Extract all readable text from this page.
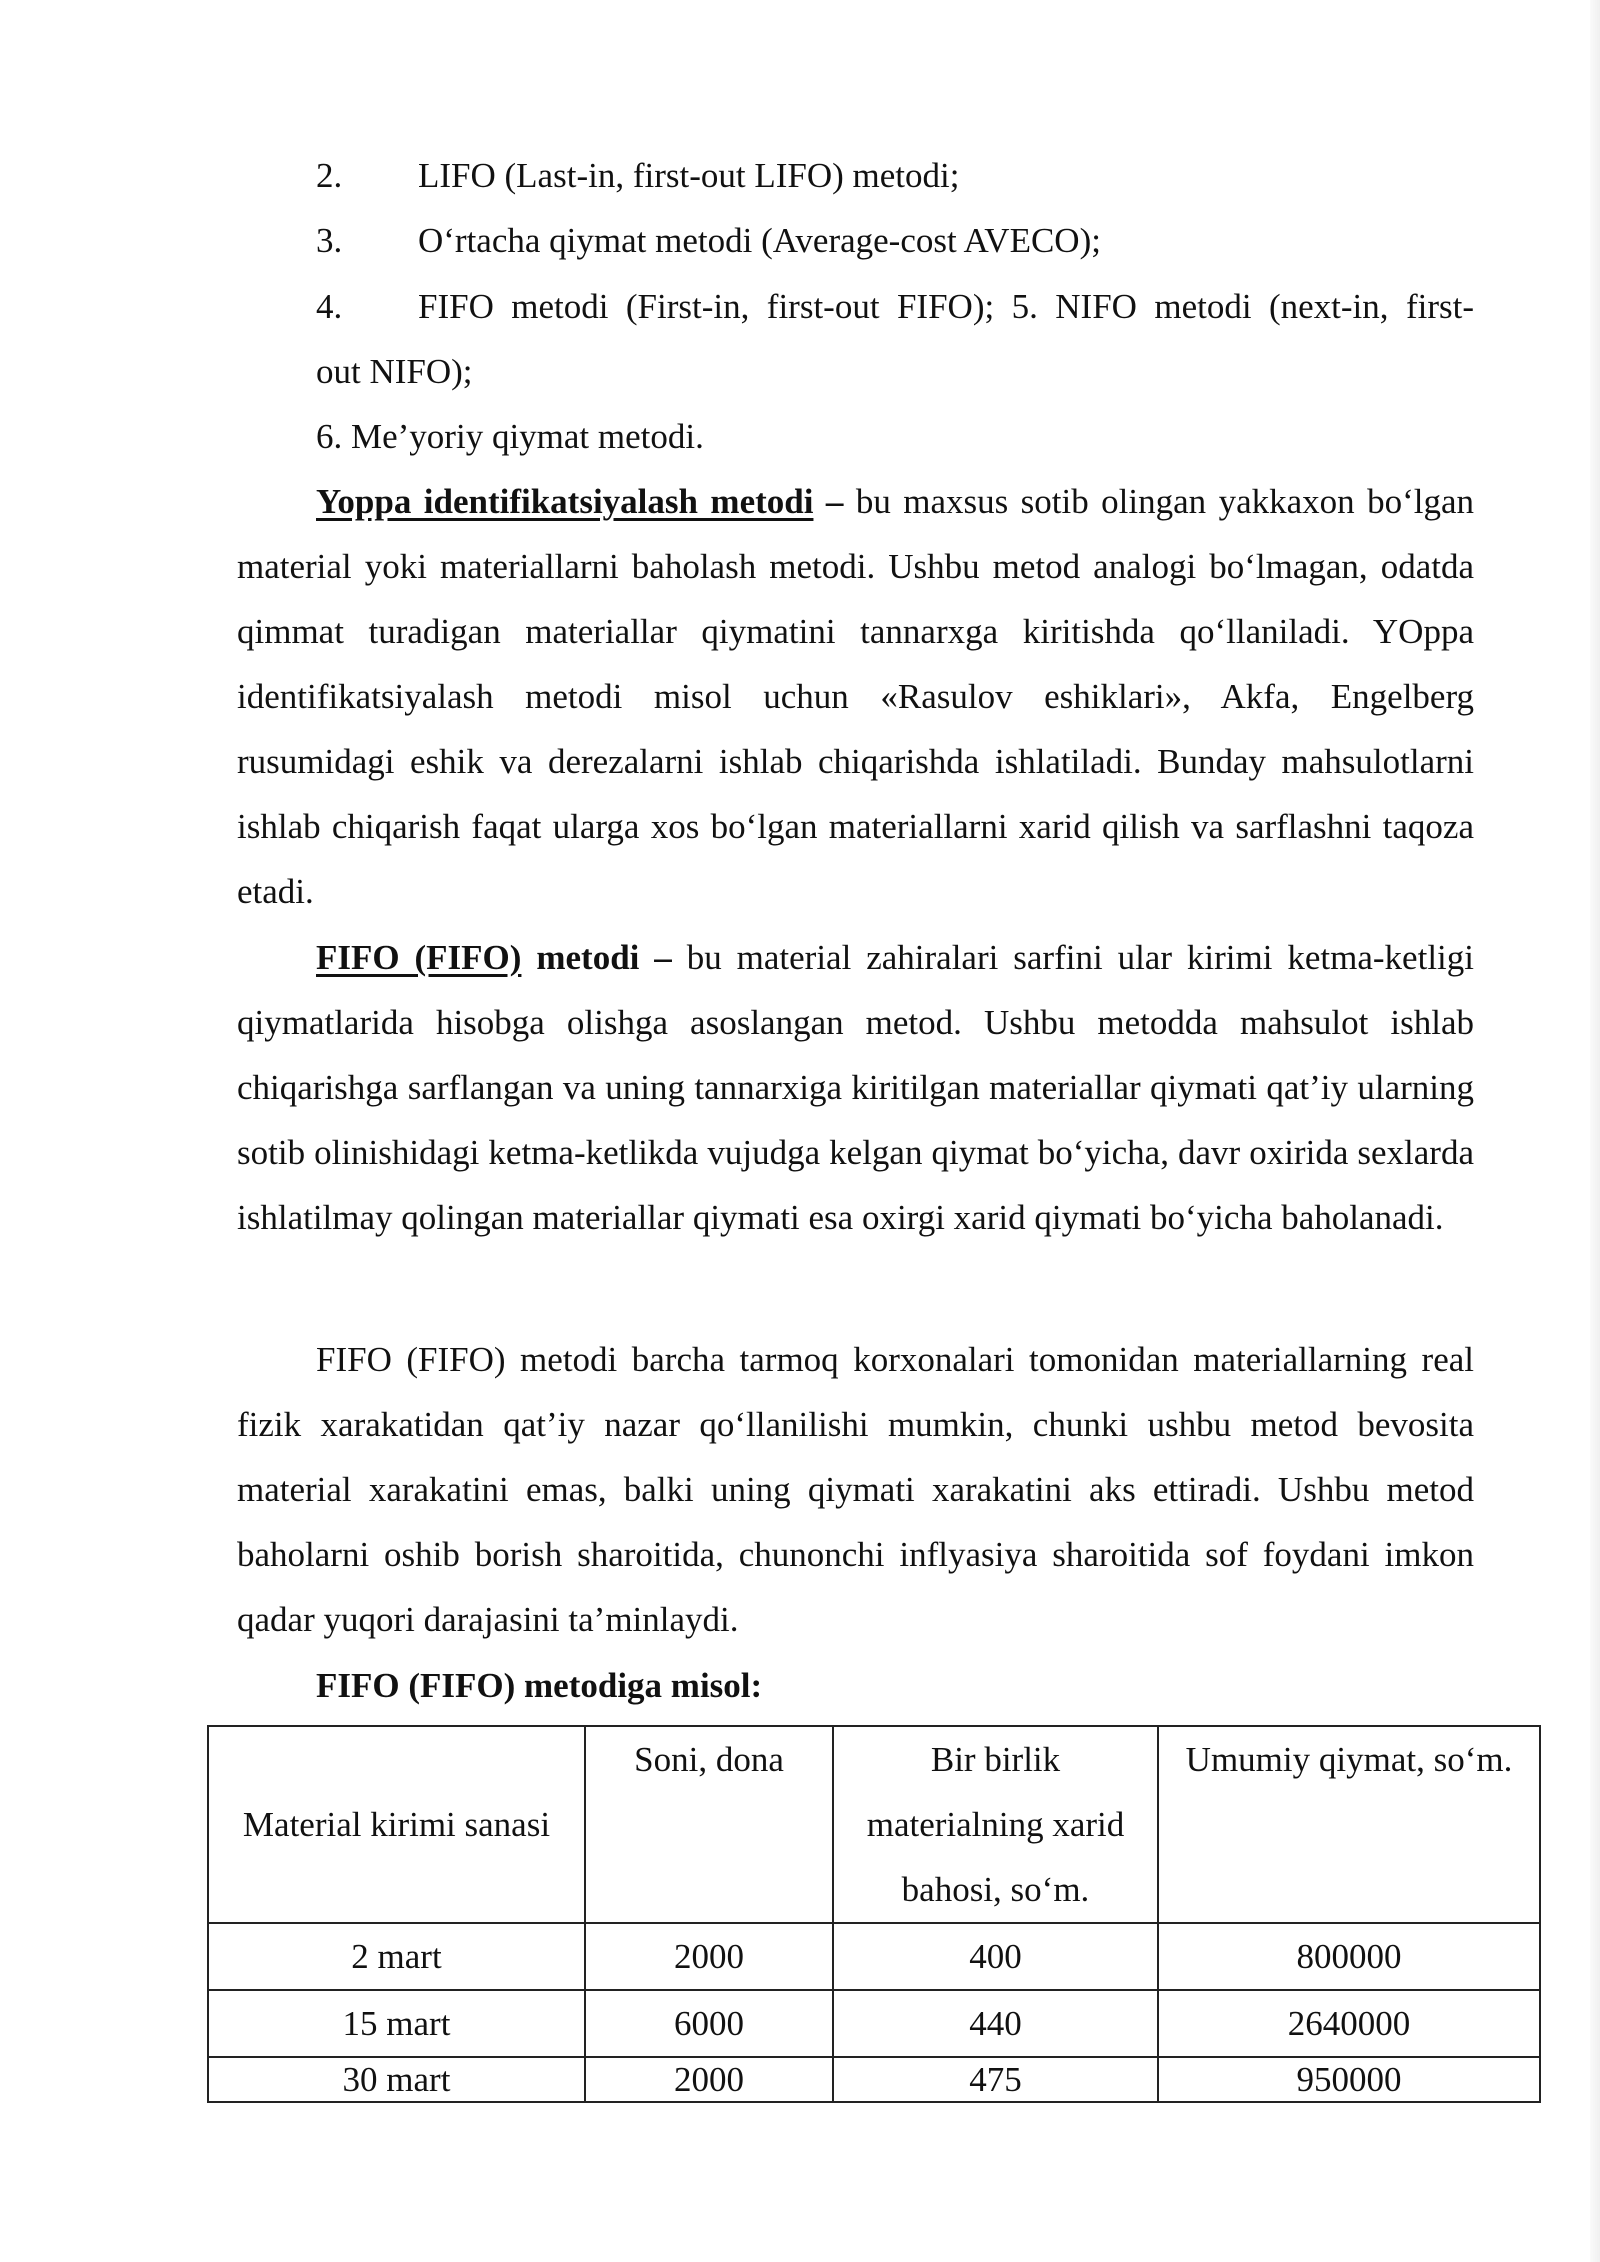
2. LIFO (Last-in, first-out LIFO) metodi;
3. O‘rtacha qiymat metodi (Average-cost AVECO);
4. FIFO metodi (First-in, first-out FIFO); 5. NIFO metodi (next-in, first-
out NIFO);
6. Me’yoriy qiymat metodi.

Yoppa identifikatsiyalash metodi – bu maxsus sotib olingan yakkaxon bo‘lgan material yoki materiallarni baholash metodi. Ushbu metod analogi bo‘lmagan, odatda qimmat turadigan materiallar qiymatini tannarxga kiritishda qo‘llaniladi. YOppa identifikatsiyalash metodi misol uchun «Rasulov eshiklari», Akfa, Engelberg rusumidagi eshik va derezalarni ishlab chiqarishda ishlatiladi. Bunday mahsulotlarni ishlab chiqarish faqat ularga xos bo‘lgan materiallarni xarid qilish va sarflashni taqoza etadi.

FIFO (FIFO) metodi – bu material zahiralari sarfini ular kirimi ketma-ketligi qiymatlarida hisobga olishga asoslangan metod. Ushbu metodda mahsulot ishlab chiqarishga sarflangan va uning tannarxiga kiritilgan materiallar qiymati qat’iy ularning sotib olinishidagi ketma-ketlikda vujudga kelgan qiymat bo‘yicha, davr oxirida sexlarda ishlatilmay qolingan materiallar qiymati esa oxirgi xarid qiymati bo‘yicha baholanadi.

FIFO (FIFO) metodi barcha tarmoq korxonalari tomonidan materiallarning real fizik xarakatidan qat’iy nazar qo‘llanilishi mumkin, chunki ushbu metod bevosita material xarakatini emas, balki uning qiymati xarakatini aks ettiradi. Ushbu metod baholarni oshib borish sharoitida, chunonchi inflyasiya sharoitida sof foydani imkon qadar yuqori darajasini ta’minlaydi.

FIFO (FIFO) metodiga misol:
Material kirimi sanasi	Soni, dona	Bir birlik materialning xarid bahosi, so‘m.	Umumiy qiymat, so‘m.
2 mart	2000	400	800000
15 mart	6000	440	2640000
30 mart	2000	475	950000
